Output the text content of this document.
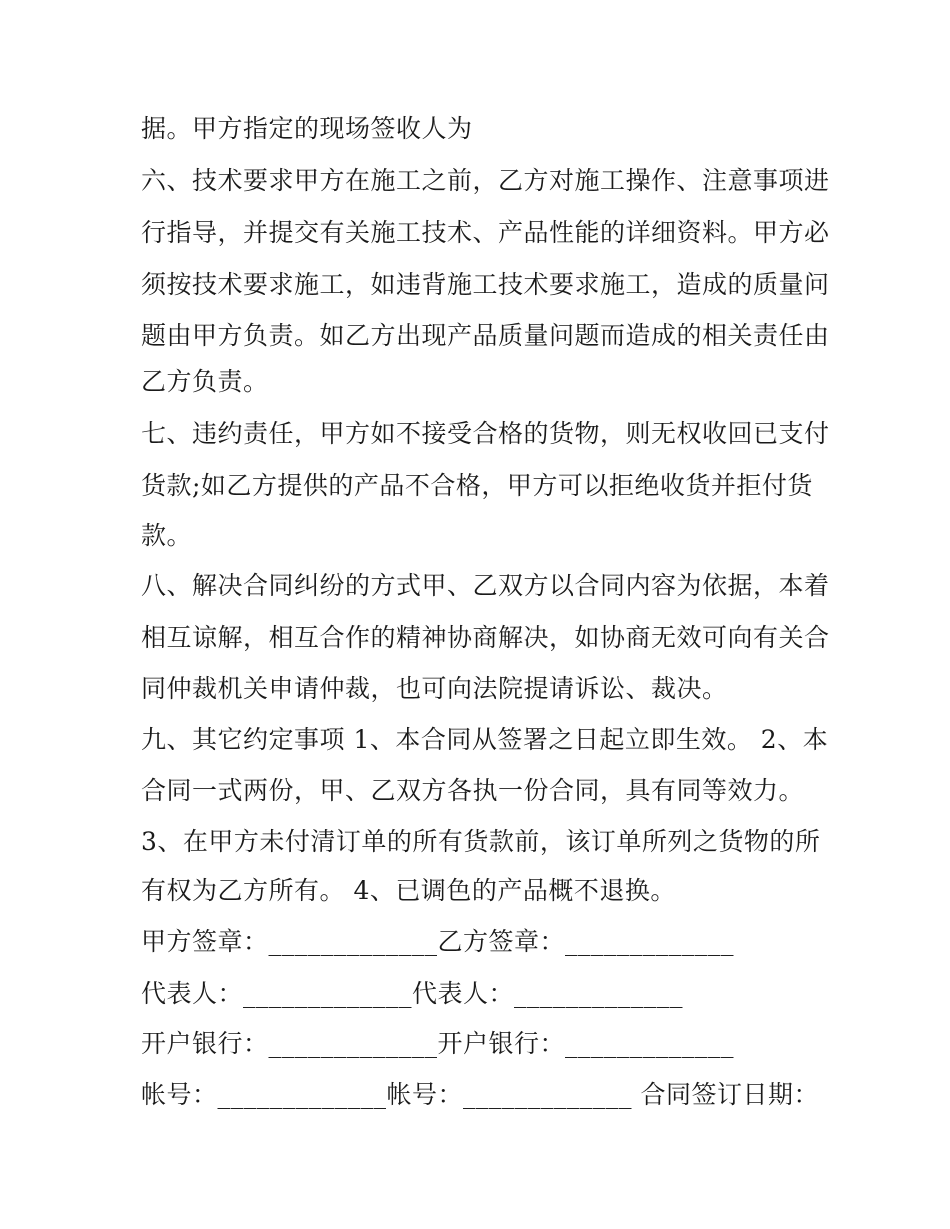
据。甲方指定的现场签收人为
六、技术要求甲方在施工之前，乙方对施工操作、注意事项进
行指导，并提交有关施工技术、产品性能的详细资料。甲方必
须按技术要求施工，如违背施工技术要求施工，造成的质量问
题由甲方负责。如乙方出现产品质量问题而造成的相关责任由
乙方负责。
七、违约责任，甲方如不接受合格的货物，则无权收回已支付
货款;如乙方提供的产品不合格，甲方可以拒绝收货并拒付货
款。
八、解决合同纠纷的方式甲、乙双方以合同内容为依据，本着
相互谅解，相互合作的精神协商解决，如协商无效可向有关合
同仲裁机关申请仲裁，也可向法院提请诉讼、裁决。
九、其它约定事项 1、本合同从签署之日起立即生效。 2、本
合同一式两份，甲、乙双方各执一份合同，具有同等效力。
3、在甲方未付清订单的所有货款前，该订单所列之货物的所
有权为乙方所有。 4、已调色的产品概不退换。
甲方签章：_____________乙方签章：_____________
代表人：_____________代表人：_____________
开户银行：_____________开户银行：_____________
帐号：_____________帐号：_____________ 合同签订日期：
